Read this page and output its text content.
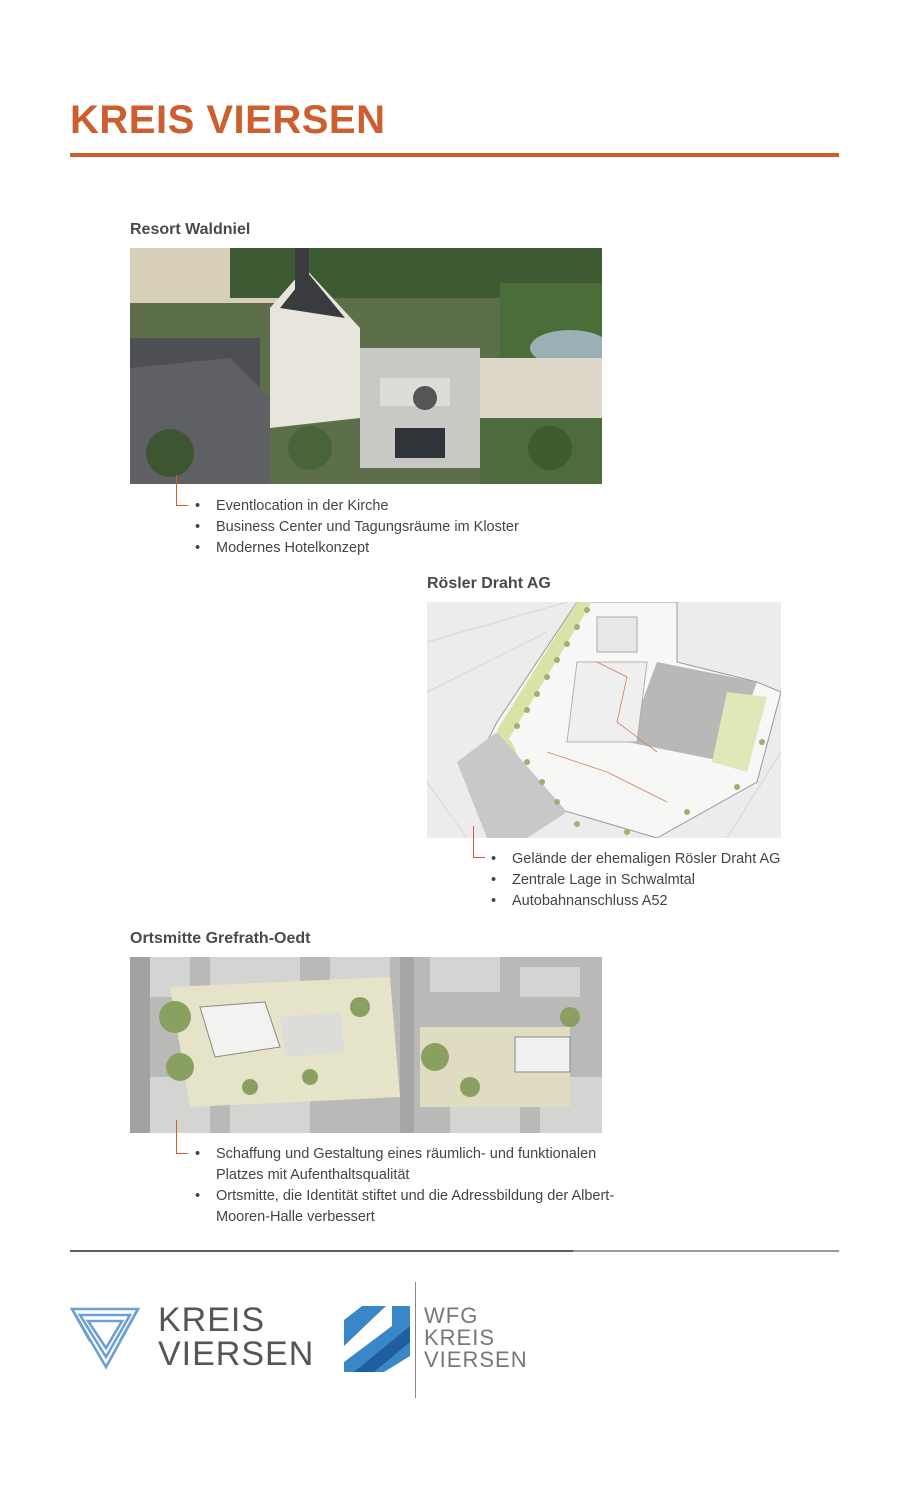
KREIS VIERSEN
Resort Waldniel
• Eventlocation in der Kirche
• Business Center und Tagungsräume im Kloster
• Modernes Hotelkonzept
Rösler Draht AG
• Gelände der ehemaligen Rösler Draht AG
• Zentrale Lage in Schwalmtal
• Autobahnanschluss A52
Ortsmitte Grefrath-Oedt
• Schaffung und Gestaltung eines räumlich- und funktionalen Platzes mit Aufenthaltsqualität
• Ortsmitte, die Identität stiftet und die Adressbildung der Albert-Mooren-Halle verbessert
KREIS
VIERSEN
WFG
KREIS
VIERSEN
